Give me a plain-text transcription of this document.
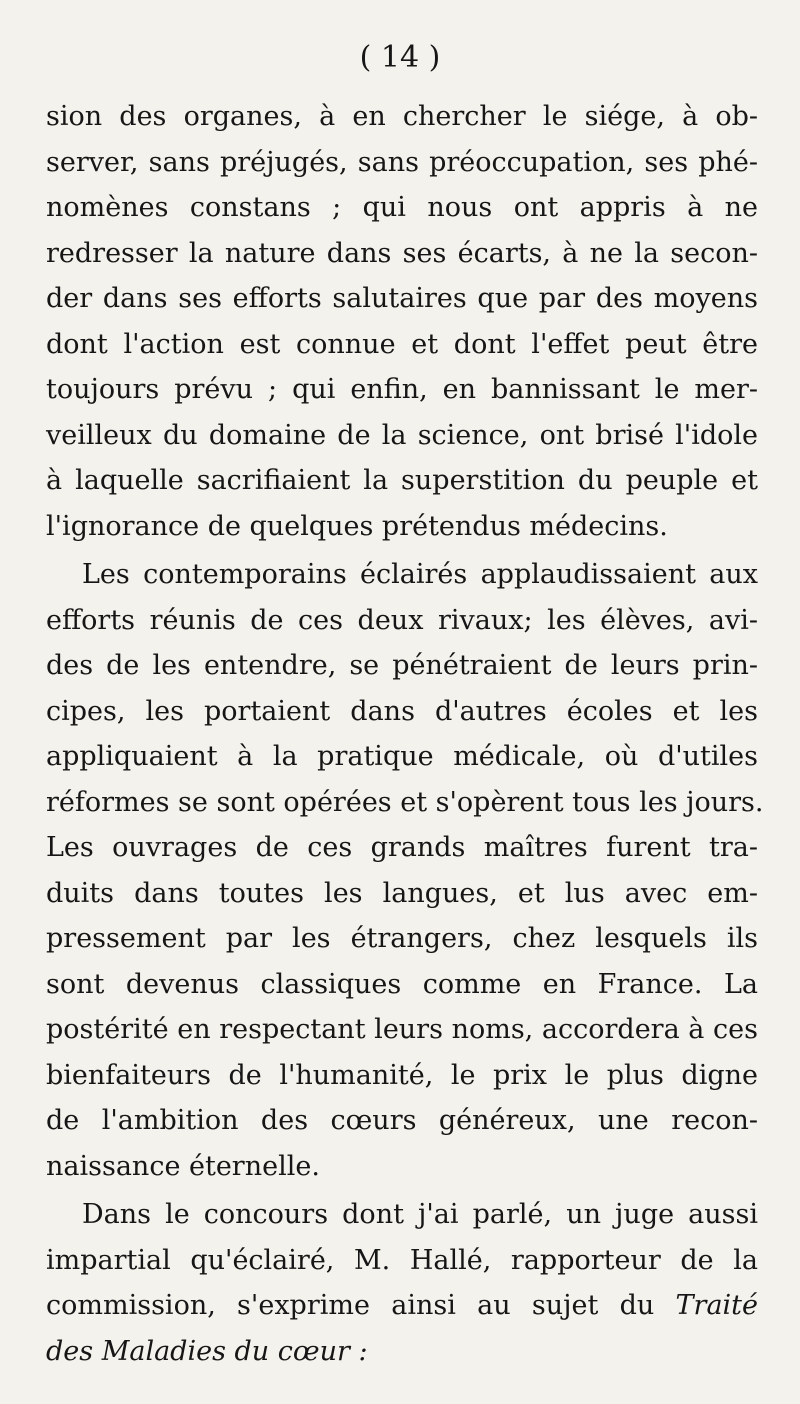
( 14 )
sion des organes, à en chercher le siége, à ob-
server, sans préjugés, sans préoccupation, ses phé-
nomènes constans ; qui nous ont appris à ne
redresser la nature dans ses écarts, à ne la secon-
der dans ses efforts salutaires que par des moyens
dont l'action est connue et dont l'effet peut être
toujours prévu ; qui enfin, en bannissant le mer-
veilleux du domaine de la science, ont brisé l'idole
à laquelle sacrifiaient la superstition du peuple et
l'ignorance de quelques prétendus médecins.
Les contemporains éclairés applaudissaient aux
efforts réunis de ces deux rivaux; les élèves, avi-
des de les entendre, se pénétraient de leurs prin-
cipes, les portaient dans d'autres écoles et les
appliquaient à la pratique médicale, où d'utiles
réformes se sont opérées et s'opèrent tous les jours.
Les ouvrages de ces grands maîtres furent tra-
duits dans toutes les langues, et lus avec em-
pressement par les étrangers, chez lesquels ils
sont devenus classiques comme en France. La
postérité en respectant leurs noms, accordera à ces
bienfaiteurs de l'humanité, le prix le plus digne
de l'ambition des cœurs généreux, une recon-
naissance éternelle.
Dans le concours dont j'ai parlé, un juge aussi
impartial qu'éclairé, M. Hallé, rapporteur de la
commission, s'exprime ainsi au sujet du Traité
des Maladies du cœur :
